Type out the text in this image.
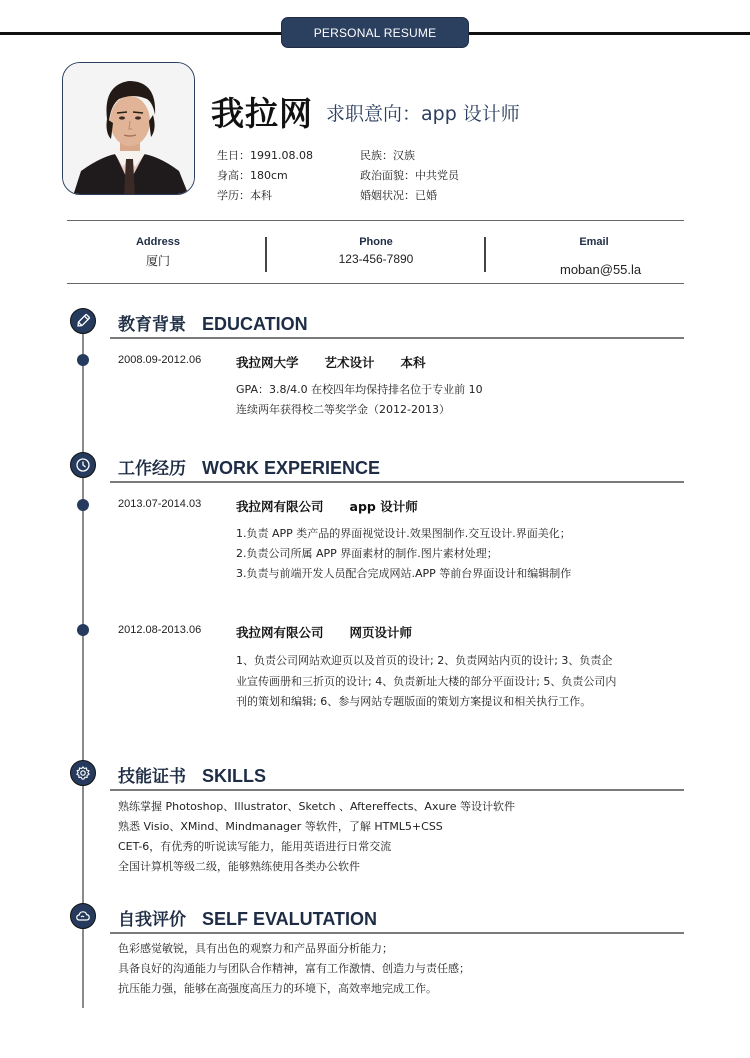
PERSONAL RESUME
我拉网 求职意向：app 设计师
生日：1991.08.08
身高：180cm
学历：本科
民族：汉族
政治面貌：中共党员
婚姻状况：已婚
Address
厦门
Phone
123-456-7890
Email
moban@55.la
教育背景 EDUCATION
2008.09-2012.06	我拉网大学 艺术设计 本科
GPA：3.8/4.0 在校四年均保持排名位于专业前 10
连续两年获得校二等奖学金（2012-2013）
工作经历 WORK EXPERIENCE
2013.07-2014.03	我拉网有限公司 app 设计师
1.负责 APP 类产品的界面视觉设计.效果图制作.交互设计.界面美化；
2.负责公司所属 APP 界面素材的制作.图片素材处理；
3.负责与前端开发人员配合完成网站.APP 等前台界面设计和编辑制作
2012.08-2013.06	我拉网有限公司 网页设计师
1、负责公司网站欢迎页以及首页的设计; 2、负责网站内页的设计; 3、负责企
业宣传画册和三折页的设计; 4、负责新址大楼的部分平面设计; 5、负责公司内
刊的策划和编辑; 6、参与网站专题版面的策划方案提议和相关执行工作。
技能证书 SKILLS
熟练掌握 Photoshop、Illustrator、Sketch 、Aftereffects、Axure 等设计软件
熟悉 Visio、XMind、Mindmanager 等软件，了解 HTML5+CSS
CET-6，有优秀的听说读写能力，能用英语进行日常交流
全国计算机等级二级，能够熟练使用各类办公软件
自我评价 SELF EVALUTATION
色彩感觉敏锐，具有出色的观察力和产品界面分析能力；
具备良好的沟通能力与团队合作精神，富有工作激情、创造力与责任感；
抗压能力强，能够在高强度高压力的环境下，高效率地完成工作。
